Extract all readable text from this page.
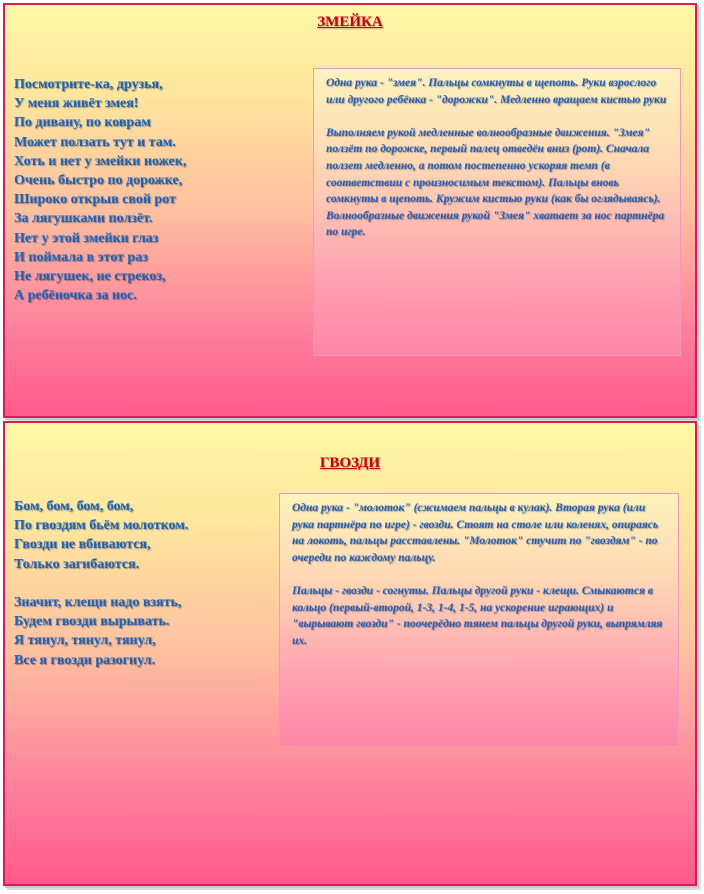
ЗМЕЙКА
Посмотрите-ка, друзья,
У меня живёт змея!
По дивану, по коврам
Может ползать тут и там.
Хоть и нет у змейки ножек,
Очень быстро по дорожке,
Широко открыв свой рот
За лягушками ползёт.
Нет у этой змейки глаз
И поймала в этот раз
Не лягушек, не стрекоз,
А ребёночка за нос.

Одна рука - "змея". Пальцы сомкнуты в щепоть. Руки взрослого или другого ребёнка - "дорожки". Медленно вращаем кистью руки

Выполняем рукой медленные волнообразные движения. "Змея" ползёт по дорожке, первый палец отведён вниз (рот). Сначала ползет медленно, а потом постепенно ускоряя темп (в соответствии с произносимым текстом). Пальцы вновь сомкнуты в щепоть. Кружим кистью руки (как бы оглядываясь). Волнообразные движения рукой "Змея" хватает за нос партнёра по игре.

ГВОЗДИ
Бом, бом, бом, бом,
По гвоздям бьём молотком.
Гвозди не вбиваются,
Только загибаются.
Значит, клещи надо взять,
Будем гвозди вырывать.
Я тянул, тянул, тянул,
Все я гвозди разогнул.

Одна рука - "молоток" (сжимаем пальцы в кулак). Вторая рука (или рука партнёра по игре) - гвозди. Стоят на столе или коленях, опираясь на локоть, пальцы расставлены. "Молоток" стучит по "гвоздям" - по очереди по каждому пальцу.

Пальцы - гвозди - согнуты. Пальцы другой руки - клещи. Смыкаются в кольцо (первый-второй, 1-3, 1-4, 1-5, на ускорение играющих) и "вырывают гвозди" - поочерёдно тянем пальцы другой руки, выпрямляя их.
